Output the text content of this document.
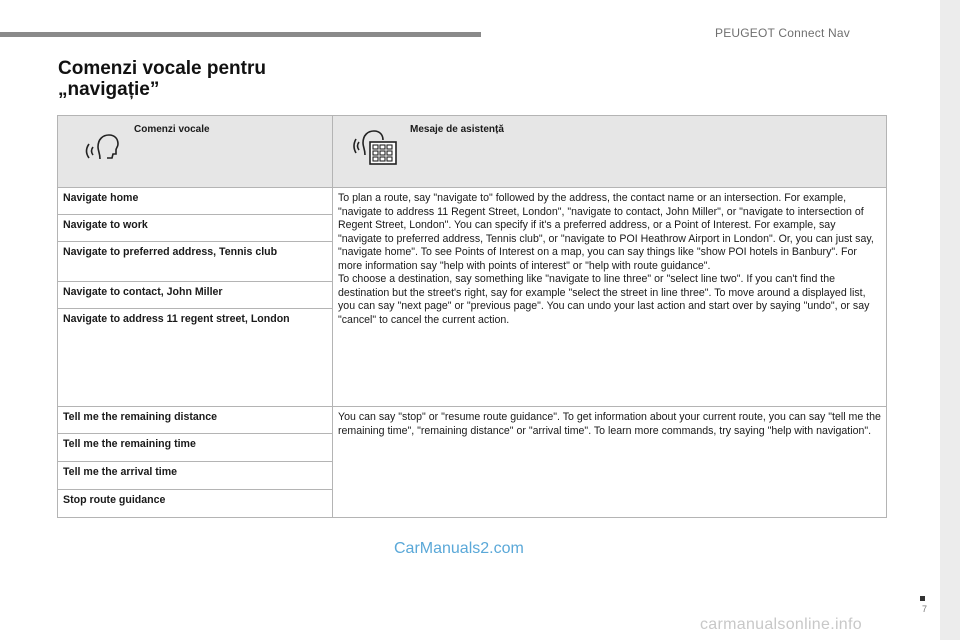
PEUGEOT Connect Nav
Comenzi vocale pentru
„navigație”
Comenzi vocale	Mesaje de asistență

Navigate home	To plan a route, say "navigate to" followed by the address, the contact name or an intersection. For example, "navigate to address 11 Regent Street, London", "navigate to contact, John Miller", or "navigate to intersection of Regent Street, London". You can specify if it's a preferred address, or a Point of Interest. For example, say "navigate to preferred address, Tennis club", or "navigate to POI Heathrow Airport in London". Or, you can just say, "navigate home". To see Points of Interest on a map, you can say things like "show POI hotels in Banbury". For more information say "help with points of interest" or "help with route guidance".
To choose a destination, say something like "navigate to line three" or "select line two". If you can't find the destination but the street's right, say for example "select the street in line three". To move around a displayed list, you can say "next page" or "previous page". You can undo your last action and start over by saying "undo", or say "cancel" to cancel the current action.
Navigate to work	
Navigate to preferred address, Tennis club	
Navigate to contact, John Miller	
Navigate to address 11 regent street, London	
Tell me the remaining distance	You can say "stop" or "resume route guidance". To get information about your current route, you can say "tell me the remaining time", "remaining distance" or "arrival time". To learn more commands, try saying "help with navigation".
Tell me the remaining time	
Tell me the arrival time	
Stop route guidance	
CarManuals2.com
7
carmanualsonline.info
